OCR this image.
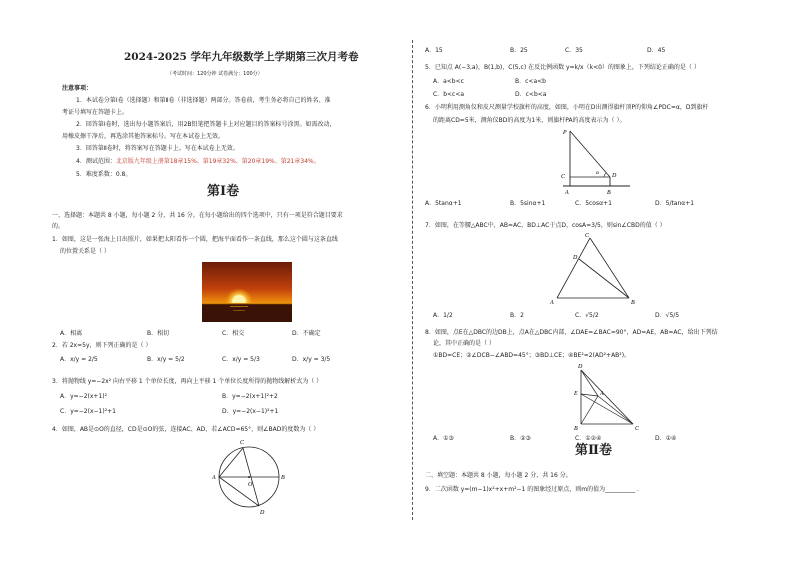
2024-2025 学年九年级数学上学期第三次月考卷
（考试时间：120分钟 试卷满分：100分）
注意事项：
1．本试卷分第Ⅰ卷（选择题）和第Ⅱ卷（非选择题）两部分。答卷前，考生务必将自己的姓名、准
考证号填写在答题卡上。
2．回答第Ⅰ卷时，选出每小题答案后，用2B铅笔把答题卡上对应题目的答案标号涂黑。如需改动，
用橡皮擦干净后，再选涂其他答案标号。写在本试卷上无效。
3．回答第Ⅱ卷时，将答案写在答题卡上。写在本试卷上无效。
4．测试范围：北京版九年级上册第18章15%、第19章32%、第20章19%、第21章34%。
5．难度系数：0.8。
第Ⅰ卷
一、选择题：本题共 8 小题，每小题 2 分，共 16 分。在每小题给出的四个选项中，只有一项是符合题目要求
的。
1．如图，这是一张海上日出照片，如果把太阳看作一个圆，把海平面看作一条直线，那么这个圆与这条直线
的位置关系是（ ）
A．相离	B．相切	C．相交	D．不确定
2．若 2x=5y，则下列正确的是（ ）
A．x/y = 2/5	B．x/y = 5/2	C．x/y = 5/3	D．x/y = 3/5
3．将抛物线 y=−2x² 向右平移 1 个单位长度，再向上平移 1 个单位长度所得的抛物线解析式为（ ）
A．y=−2(x+1)²	B．y=−2(x+1)²+2
C．y=−2(x−1)²+1	D．y=−2(x−1)²+1
4．如图，AB是⊙O的直径，CD是⊙O的弦，连接AC、AD，若∠ACD=65°，则∠BAD的度数为（ ）
A	B
C
D
O
A．15	B．25	C．35	D．45
5．已知点 A(−3,a)，B(1,b)，C(5,c) 在反比例函数 y=k/x（k<0）的图象上，下列结论正确的是（ ）
A．a<b<c	B．c<a<b
C．b<c<a	D．c<b<a
6．小明利用测角仪和皮尺测量学校旗杆的高度，如图，小明在D出测得旗杆顶P的仰角∠PDC=α，D到旗杆
的距离CD=5米，测角仪BD的高度为1米，则旗杆PA的高度表示为（ ）。
P
C	D
A	B
α
A．5tanα+1	B．5sinα+1	C．5cosα+1	D．5/tanα+1
7．如图，在等腰△ABC中，AB=AC，BD⊥AC于点D，cosA=3/5，则sin∠CBD的值（ ）
C
D
A	B
A．1/2	B．2	C．√5/2	D．√5/5
8．如图，点E在△DBC的边DB上，点A在△DBC内部，∠DAE=∠BAC=90°，AD=AE，AB=AC，给出下列结
论，其中正确的是（ ）
①BD=CE；②∠DCB−∠ABD=45°；③BD⊥CE；④BE²=2(AD²+AB²)。
D
E	A
B	C
A．①③	B．②③	C．①②④	D．①④
第Ⅱ卷
二、填空题：本题共 8 小题，每小题 2 分，共 16 分。
9．二次函数 y=(m−1)x²+x+m²−1 的图象经过原点，则m的值为__________ ．
